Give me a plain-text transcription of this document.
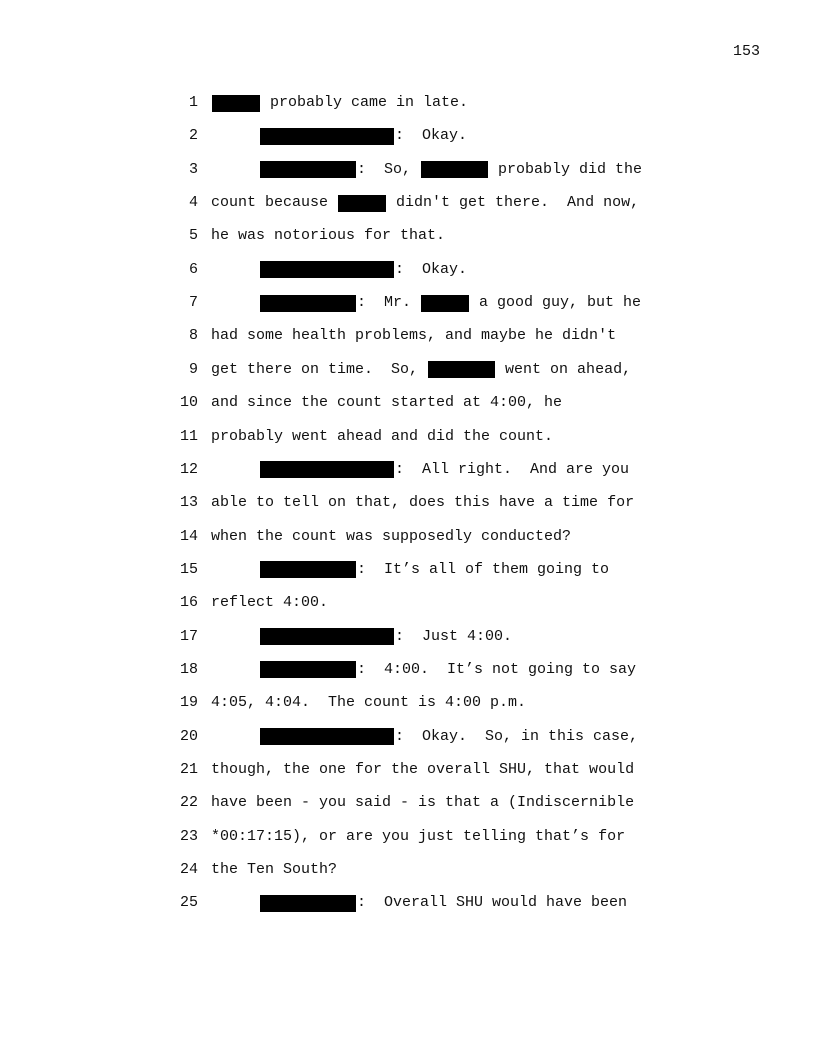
153
1	probably came in late.
2	:  Okay.
3	:  So,	probably did the
4 count because	didn't get there.  And now,
5 he was notorious for that.
6	:  Okay.
7	:  Mr.	a good guy, but he
8 had some health problems, and maybe he didn't
9 get there on time.  So,	went on ahead,
10 and since the count started at 4:00, he
11 probably went ahead and did the count.
12	:  All right.  And are you
13 able to tell on that, does this have a time for
14 when the count was supposedly conducted?
15	:  It’s all of them going to
16 reflect 4:00.
17	:  Just 4:00.
18	:  4:00.  It’s not going to say
19 4:05, 4:04.  The count is 4:00 p.m.
20	:  Okay.  So, in this case,
21 though, the one for the overall SHU, that would
22 have been - you said - is that a (Indiscernible
23 *00:17:15), or are you just telling that’s for
24 the Ten South?
25	:  Overall SHU would have been
